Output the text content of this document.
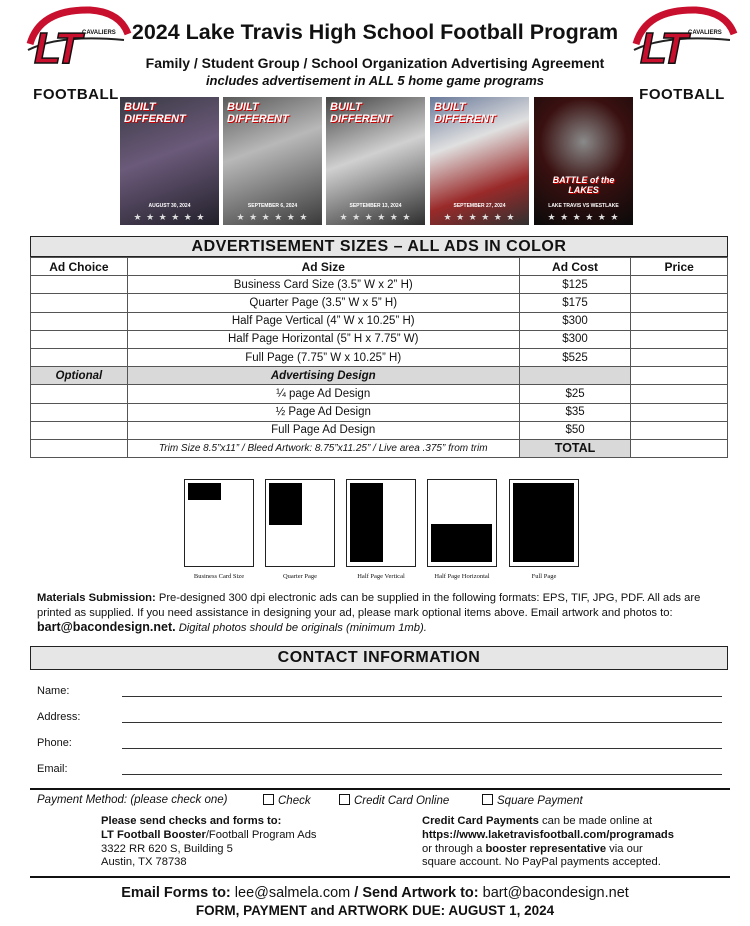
LT CAVALIERS
FOOTBALL
LT CAVALIERS
FOOTBALL
2024 Lake Travis High School Football Program
Family / Student Group / School Organization Advertising Agreement
includes advertisement in ALL 5 home game programs
BUILT DIFFERENT
AUGUST 30, 2024
★ ★ ★ ★ ★ ★
BUILT DIFFERENT
SEPTEMBER 6, 2024
★ ★ ★ ★ ★ ★
BUILT DIFFERENT
SEPTEMBER 13, 2024
★ ★ ★ ★ ★ ★
BUILT DIFFERENT
SEPTEMBER 27, 2024
★ ★ ★ ★ ★ ★
BATTLE of the LAKES
LAKE TRAVIS VS WESTLAKE
★ ★ ★ ★ ★ ★
ADVERTISEMENT SIZES – ALL ADS IN COLOR
Ad Choice	Ad Size	Ad Cost	Price
	Business Card Size (3.5” W x 2” H)	$125	
	Quarter Page (3.5” W x 5” H)	$175	
	Half Page Vertical (4” W x 10.25” H)	$300	
	Half Page Horizontal (5” H x 7.75” W)	$300	
	Full Page (7.75” W x 10.25” H)	$525	
Optional	Advertising Design		
	¼ page Ad Design	$25	
	½ Page Ad Design	$35	
	Full Page Ad Design	$50	
	Trim Size 8.5”x11” / Bleed Artwork: 8.75”x11.25” / Live area .375” from trim	TOTAL	
Business Card Size	Quarter Page	Half Page Vertical	Half Page Horizontal	Full Page
Materials Submission: Pre-designed 300 dpi electronic ads can be supplied in the following formats: EPS, TIF, JPG, PDF. All ads are printed as supplied. If you need assistance in designing your ad, please mark optional items above. Email artwork and photos to: bart@bacondesign.net. Digital photos should be originals (minimum 1mb).
CONTACT INFORMATION
Name:
Address:
Phone:
Email:
Payment Method: (please check one)	Check	Credit Card Online	Square Payment
Please send checks and forms to:
LT Football Booster/Football Program Ads
3322 RR 620 S, Building 5
Austin, TX 78738
Credit Card Payments can be made online at
https://www.laketravisfootball.com/programads
or through a booster representative via our
square account. No PayPal payments accepted.
Email Forms to: lee@salmela.com / Send Artwork to: bart@bacondesign.net
FORM, PAYMENT and ARTWORK DUE: AUGUST 1, 2024
